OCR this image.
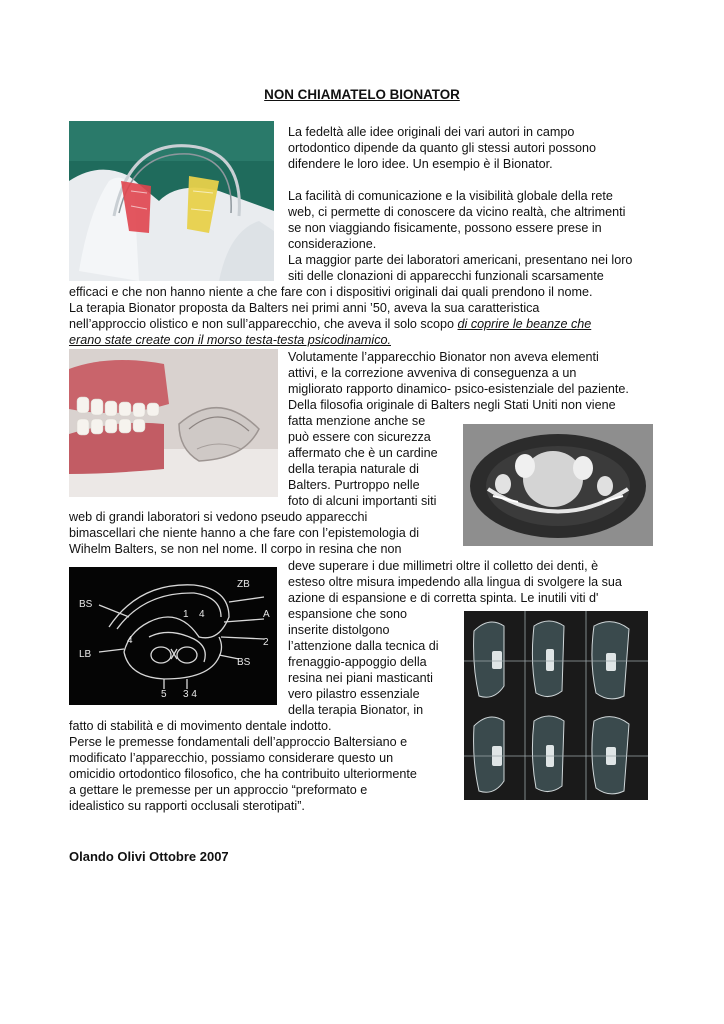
NON CHIAMATELO BIONATOR

La fedeltà alle idee originali dei vari autori in campo

ortodontico dipende da quanto gli stessi autori possono

difendere le loro idee. Un esempio è il Bionator.

La facilità di comunicazione e la visibilità globale della rete

web, ci permette di conoscere da vicino realtà, che altrimenti

se non viaggiando fisicamente, possono essere prese in

considerazione.

La maggior parte dei laboratori americani, presentano nei loro

siti delle clonazioni di apparecchi funzionali scarsamente

efficaci e che non hanno niente a che fare con i dispositivi originali dai quali prendono il nome.

La terapia Bionator proposta da Balters nei primi anni ’50, aveva la sua caratteristica

nell’approccio olistico e non sull’apparecchio, che aveva il solo scopo di coprire le beanze che

erano state create con il morso testa-testa psicodinamico.

Volutamente l’apparecchio Bionator non aveva elementi

attivi, e la correzione avveniva di conseguenza a un

migliorato rapporto dinamico- psico-esistenziale del paziente.

Della filosofia originale di Balters negli Stati Uniti non viene

fatta menzione anche se

può essere con sicurezza

affermato che è un cardine

della terapia naturale di

Balters. Purtroppo nelle

foto di alcuni importanti siti

web di grandi laboratori si vedono pseudo apparecchi

bimascellari che niente hanno a che fare con l’epistemologia di

Wihelm Balters, se non nel nome. Il corpo in resina che non

deve superare i due millimetri oltre il colletto dei denti, è

esteso oltre misura impedendo alla lingua di svolgere la sua

azione di espansione e di corretta spinta. Le inutili viti d'

ZB
BS
1 4	A
4	2
LB
BS
5 3 4

espansione che sono

inserite distolgono

l’attenzione dalla tecnica di

frenaggio-appoggio della

resina nei piani masticanti

vero pilastro essenziale

della terapia Bionator, in

fatto di stabilità e di movimento dentale indotto.

Perse le premesse fondamentali dell’approccio Baltersiano e

modificato l’apparecchio, possiamo considerare questo un

omicidio ortodontico filosofico, che ha contribuito ulteriormente

a gettare le premesse per un approccio “preformato e

idealistico su rapporti occlusali sterotipati”.

Olando Olivi Ottobre 2007
